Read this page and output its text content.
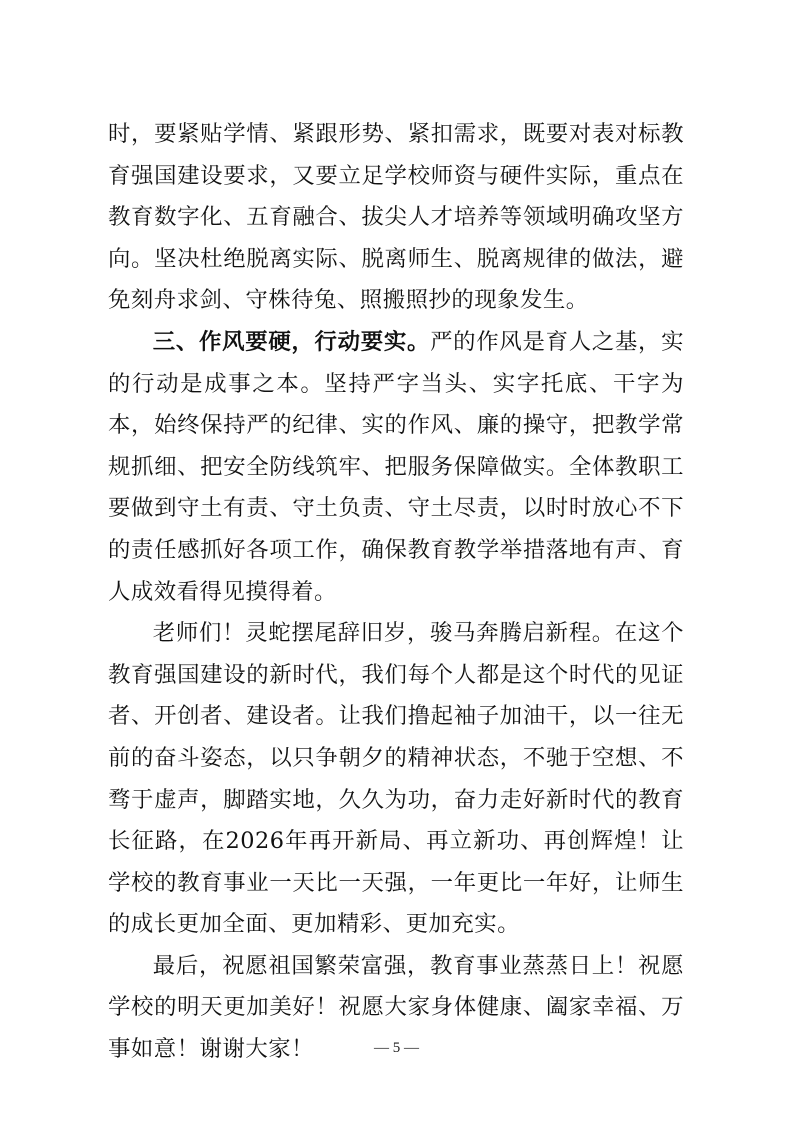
时，要紧贴学情、紧跟形势、紧扣需求，既要对表对标教育强国建设要求，又要立足学校师资与硬件实际，重点在教育数字化、五育融合、拔尖人才培养等领域明确攻坚方向。坚决杜绝脱离实际、脱离师生、脱离规律的做法，避免刻舟求剑、守株待兔、照搬照抄的现象发生。

三、作风要硬，行动要实。严的作风是育人之基，实的行动是成事之本。坚持严字当头、实字托底、干字为本，始终保持严的纪律、实的作风、廉的操守，把教学常规抓细、把安全防线筑牢、把服务保障做实。全体教职工要做到守土有责、守土负责、守土尽责，以时时放心不下的责任感抓好各项工作，确保教育教学举措落地有声、育人成效看得见摸得着。

老师们！灵蛇摆尾辞旧岁，骏马奔腾启新程。在这个教育强国建设的新时代，我们每个人都是这个时代的见证者、开创者、建设者。让我们撸起袖子加油干，以一往无前的奋斗姿态，以只争朝夕的精神状态，不驰于空想、不骛于虚声，脚踏实地，久久为功，奋力走好新时代的教育长征路，在2026年再开新局、再立新功、再创辉煌！让学校的教育事业一天比一天强，一年更比一年好，让师生的成长更加全面、更加精彩、更加充实。

最后，祝愿祖国繁荣富强，教育事业蒸蒸日上！祝愿学校的明天更加美好！祝愿大家身体健康、阖家幸福、万事如意！谢谢大家！	— 5 —
